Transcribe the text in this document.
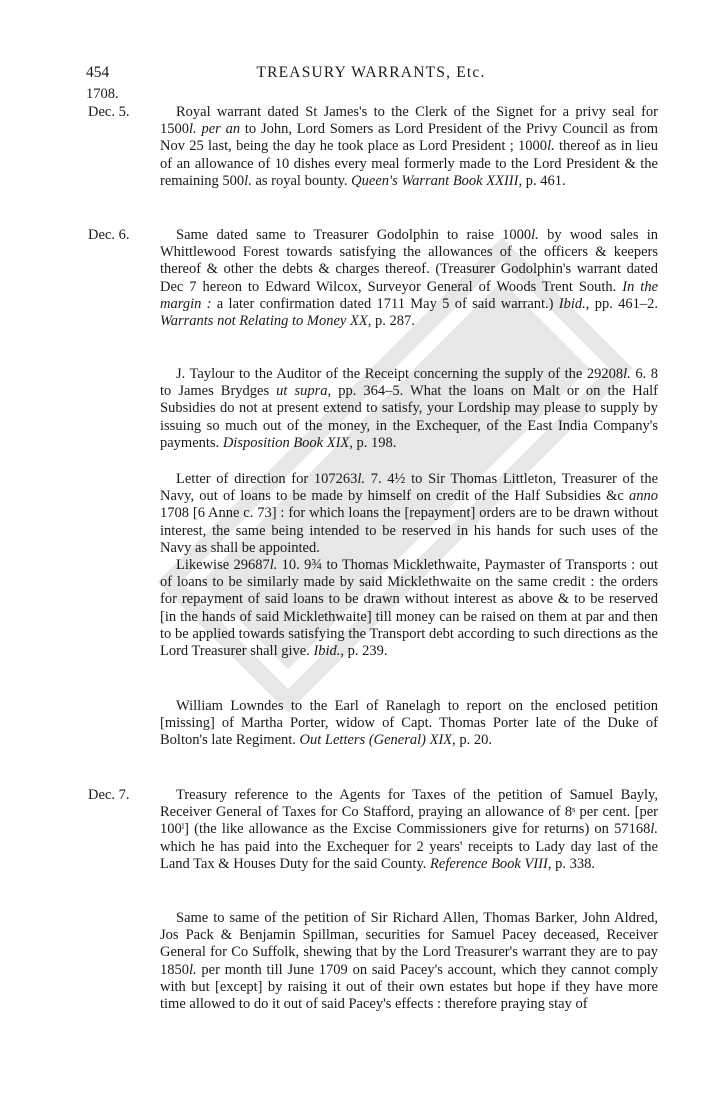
454	TREASURY WARRANTS, Etc.
1708.
Dec. 5.	Royal warrant dated St James's to the Clerk of the Signet for a privy seal for 1500l. per an to John, Lord Somers as Lord President of the Privy Council as from Nov 25 last, being the day he took place as Lord President ; 1000l. thereof as in lieu of an allowance of 10 dishes every meal formerly made to the Lord President & the remaining 500l. as royal bounty. Queen's Warrant Book XXIII, p. 461.
Dec. 6.	Same dated same to Treasurer Godolphin to raise 1000l. by wood sales in Whittlewood Forest towards satisfying the allowances of the officers & keepers thereof & other the debts & charges thereof. (Treasurer Godolphin's warrant dated Dec 7 hereon to Edward Wilcox, Surveyor General of Woods Trent South. In the margin : a later confirmation dated 1711 May 5 of said warrant.) Ibid., pp. 461–2. Warrants not Relating to Money XX, p. 287.
J. Taylour to the Auditor of the Receipt concerning the supply of the 29208l. 6. 8 to James Brydges ut supra, pp. 364–5. What the loans on Malt or on the Half Subsidies do not at present extend to satisfy, your Lordship may please to supply by issuing so much out of the money, in the Exchequer, of the East India Company's payments. Disposition Book XIX, p. 198.
Letter of direction for 107263l. 7. 4½ to Sir Thomas Littleton, Treasurer of the Navy, out of loans to be made by himself on credit of the Half Subsidies &c anno 1708 [6 Anne c. 73] : for which loans the [repayment] orders are to be drawn without interest, the same being intended to be reserved in his hands for such uses of the Navy as shall be appointed.
Likewise 29687l. 10. 9¾ to Thomas Micklethwaite, Paymaster of Transports : out of loans to be similarly made by said Micklethwaite on the same credit : the orders for repayment of said loans to be drawn without interest as above & to be reserved [in the hands of said Micklethwaite] till money can be raised on them at par and then to be applied towards satisfying the Transport debt according to such directions as the Lord Treasurer shall give. Ibid., p. 239.
William Lowndes to the Earl of Ranelagh to report on the enclosed petition [missing] of Martha Porter, widow of Capt. Thomas Porter late of the Duke of Bolton's late Regiment. Out Letters (General) XIX, p. 20.
Dec. 7.	Treasury reference to the Agents for Taxes of the petition of Samuel Bayly, Receiver General of Taxes for Co Stafford, praying an allowance of 8ˢ per cent. [per 100ˡ] (the like allowance as the Excise Commissioners give for returns) on 57168l. which he has paid into the Exchequer for 2 years' receipts to Lady day last of the Land Tax & Houses Duty for the said County. Reference Book VIII, p. 338.
Same to same of the petition of Sir Richard Allen, Thomas Barker, John Aldred, Jos Pack & Benjamin Spillman, securities for Samuel Pacey deceased, Receiver General for Co Suffolk, shewing that by the Lord Treasurer's warrant they are to pay 1850l. per month till June 1709 on said Pacey's account, which they cannot comply with but [except] by raising it out of their own estates but hope if they have more time allowed to do it out of said Pacey's effects : therefore praying stay of
